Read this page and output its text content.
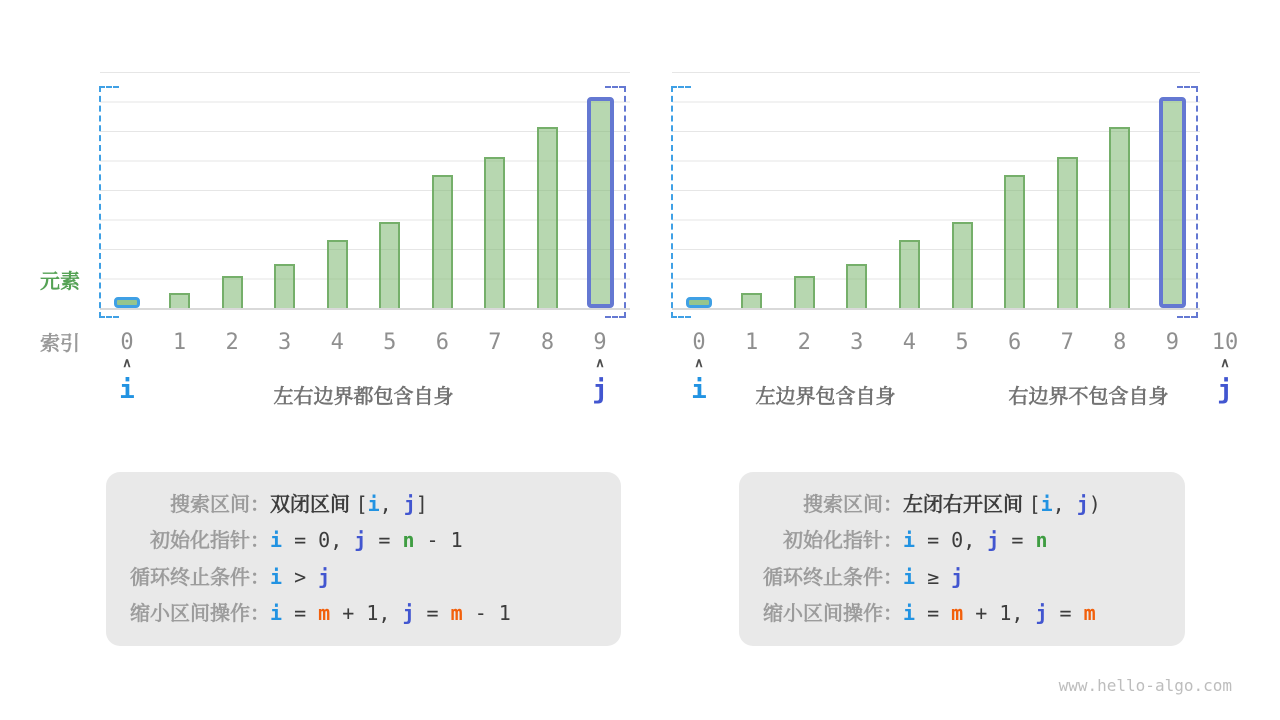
元素
索引 0 1 2 3 4 5 6 7 8 9
∧
i
∧
j
左右边界都包含自身
0 1 2 3 4 5 6 7 8 9 10
∧
i
∧
j
左边界包含自身	右边界不包含自身
搜索区间： 双闭区间 [i, j]
初始化指针： i = 0, j = n - 1
循环终止条件： i > j
缩小区间操作： i = m + 1, j = m - 1
搜索区间： 左闭右开区间 [i, j)
初始化指针： i = 0, j = n
循环终止条件： i ≥ j
缩小区间操作： i = m + 1, j = m
www.hello-algo.com
